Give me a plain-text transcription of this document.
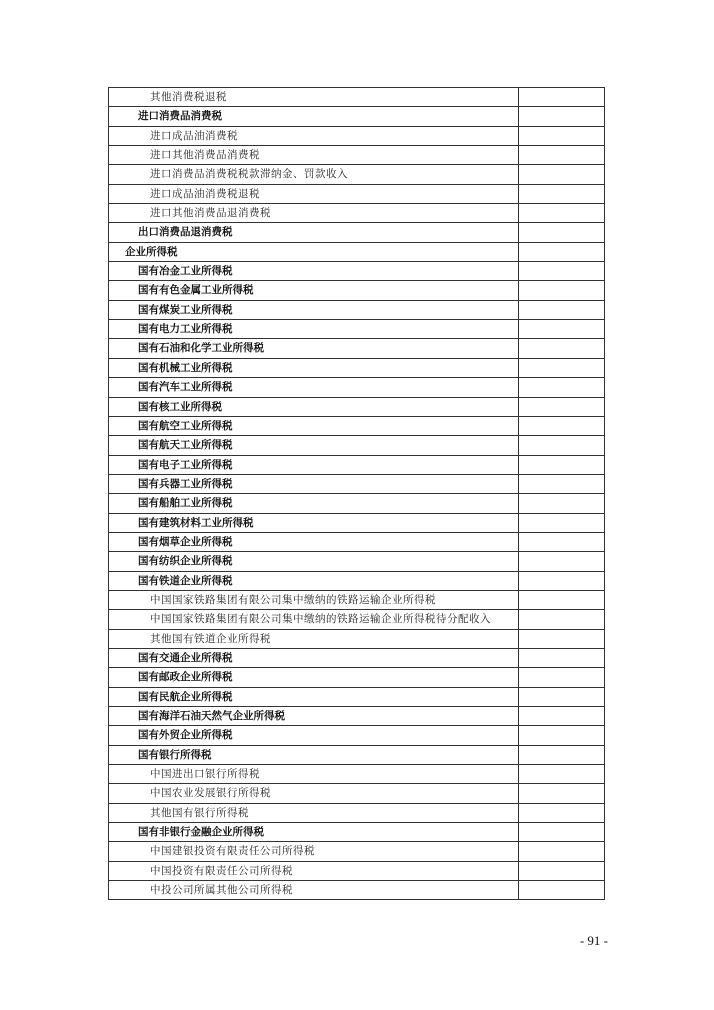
其他消费税退税	
进口消费品消费税	
进口成品油消费税	
进口其他消费品消费税	
进口消费品消费税税款滞纳金、罚款收入	
进口成品油消费税退税	
进口其他消费品退消费税	
出口消费品退消费税	
企业所得税	
国有冶金工业所得税	
国有有色金属工业所得税	
国有煤炭工业所得税	
国有电力工业所得税	
国有石油和化学工业所得税	
国有机械工业所得税	
国有汽车工业所得税	
国有核工业所得税	
国有航空工业所得税	
国有航天工业所得税	
国有电子工业所得税	
国有兵器工业所得税	
国有船舶工业所得税	
国有建筑材料工业所得税	
国有烟草企业所得税	
国有纺织企业所得税	
国有铁道企业所得税	
中国国家铁路集团有限公司集中缴纳的铁路运输企业所得税	
中国国家铁路集团有限公司集中缴纳的铁路运输企业所得税待分配收入	
其他国有铁道企业所得税	
国有交通企业所得税	
国有邮政企业所得税	
国有民航企业所得税	
国有海洋石油天然气企业所得税	
国有外贸企业所得税	
国有银行所得税	
中国进出口银行所得税	
中国农业发展银行所得税	
其他国有银行所得税	
国有非银行金融企业所得税	
中国建银投资有限责任公司所得税	
中国投资有限责任公司所得税	
中投公司所属其他公司所得税	
- 91 -
